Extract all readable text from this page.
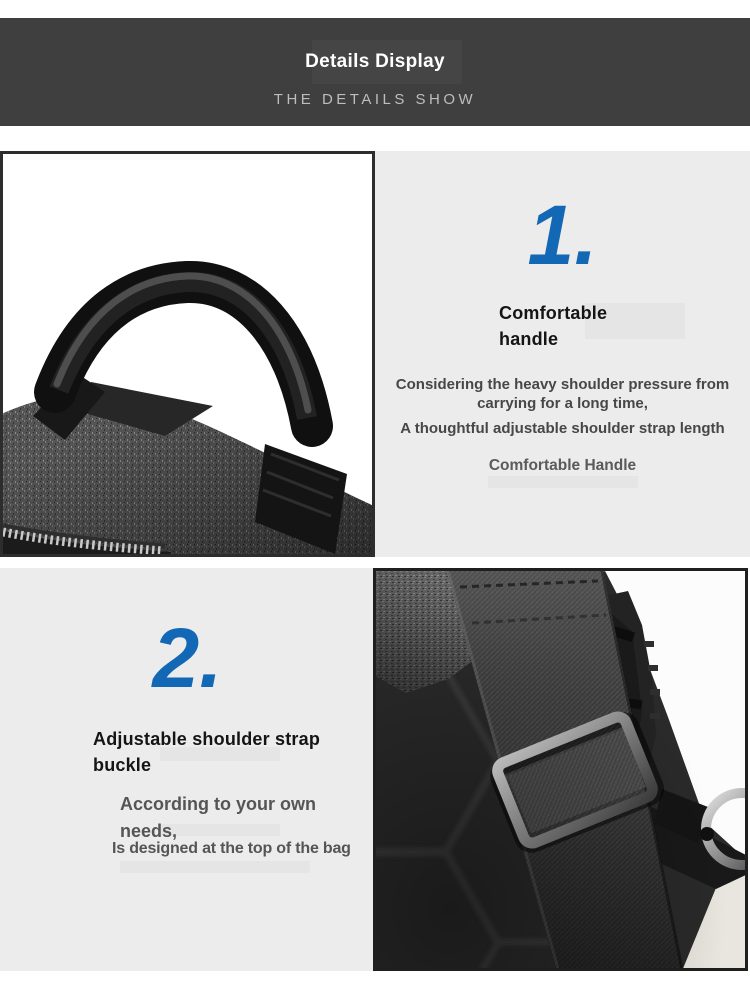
Details Display
THE DETAILS SHOW
1.
Comfortable handle

Considering the heavy shoulder pressure from carrying for a long time,

A thoughtful adjustable shoulder strap length

Comfortable Handle

2.
Adjustable shoulder strap buckle

According to your own needs,

Is designed at the top of the bag
